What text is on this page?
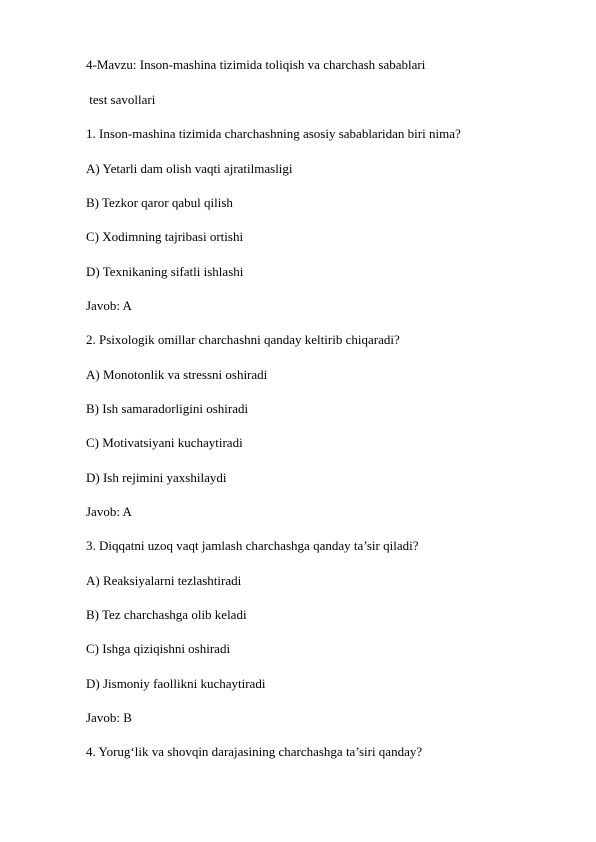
4-Mavzu: Inson-mashina tizimida toliqish va charchash sabablari
test savollari
1. Inson-mashina tizimida charchashning asosiy sabablaridan biri nima?
A) Yetarli dam olish vaqti ajratilmasligi
B) Tezkor qaror qabul qilish
C) Xodimning tajribasi ortishi
D) Texnikaning sifatli ishlashi
Javob: A
2. Psixologik omillar charchashni qanday keltirib chiqaradi?
A) Monotonlik va stressni oshiradi
B) Ish samaradorligini oshiradi
C) Motivatsiyani kuchaytiradi
D) Ish rejimini yaxshilaydi
Javob: A
3. Diqqatni uzoq vaqt jamlash charchashga qanday ta’sir qiladi?
A) Reaksiyalarni tezlashtiradi
B) Tez charchashga olib keladi
C) Ishga qiziqishni oshiradi
D) Jismoniy faollikni kuchaytiradi
Javob: B
4. Yorug‘lik va shovqin darajasining charchashga ta’siri qanday?
